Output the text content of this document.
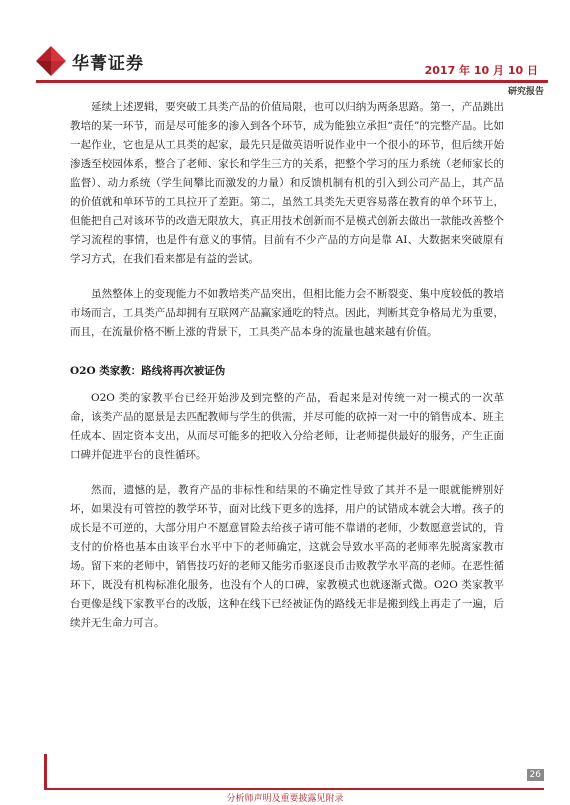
华菁证券	2017 年 10 月 10 日
研究报告

延续上述逻辑，要突破工具类产品的价值局限，也可以归纳为两条思路。第一，产品跳出教培的某一环节，而是尽可能多的渗入到各个环节，成为能独立承担“责任”的完整产品。比如一起作业，它也是从工具类的起家，最先只是做英语听说作业中一个很小的环节，但后续开始渗透至校园体系，整合了老师、家长和学生三方的关系，把整个学习的压力系统（老师家长的监督）、动力系统（学生间攀比而激发的力量）和反馈机制有机的引入到公司产品上，其产品的价值就和单环节的工具拉开了差距。第二，虽然工具类先天更容易落在教育的单个环节上，但能把自己对该环节的改造无限放大，真正用技术创新而不是模式创新去做出一款能改善整个学习流程的事情，也是件有意义的事情。目前有不少产品的方向是靠 AI、大数据来突破原有学习方式，在我们看来都是有益的尝试。

虽然整体上的变现能力不如教培类产品突出，但相比能力会不断裂变、集中度较低的教培市场而言，工具类产品却拥有互联网产品赢家通吃的特点。因此，判断其竞争格局尤为重要，而且，在流量价格不断上涨的背景下，工具类产品本身的流量也越来越有价值。

O2O 类家教：路线将再次被证伪

O2O 类的家教平台已经开始涉及到完整的产品，看起来是对传统一对一模式的一次革命，该类产品的愿景是去匹配教师与学生的供需，并尽可能的砍掉一对一中的销售成本、班主任成本、固定资本支出，从而尽可能多的把收入分给老师，让老师提供最好的服务，产生正面口碑并促进平台的良性循环。

然而，遗憾的是，教育产品的非标性和结果的不确定性导致了其并不是一眼就能辨别好坏，如果没有可管控的教学环节，面对比线下更多的选择，用户的试错成本就会大增。孩子的成长是不可逆的，大部分用户不愿意冒险去给孩子请可能不靠谱的老师，少数愿意尝试的，肯支付的价格也基本由该平台水平中下的老师确定，这就会导致水平高的老师率先脱离家教市场。留下来的老师中，销售技巧好的老师又能劣币驱逐良币击败教学水平高的老师。在恶性循环下，既没有机构标准化服务，也没有个人的口碑，家教模式也就逐渐式微。O2O 类家教平台更像是线下家教平台的改版，这种在线下已经被证伪的路线无非是搬到线上再走了一遍，后续并无生命力可言。

26
分析师声明及重要披露见附录
